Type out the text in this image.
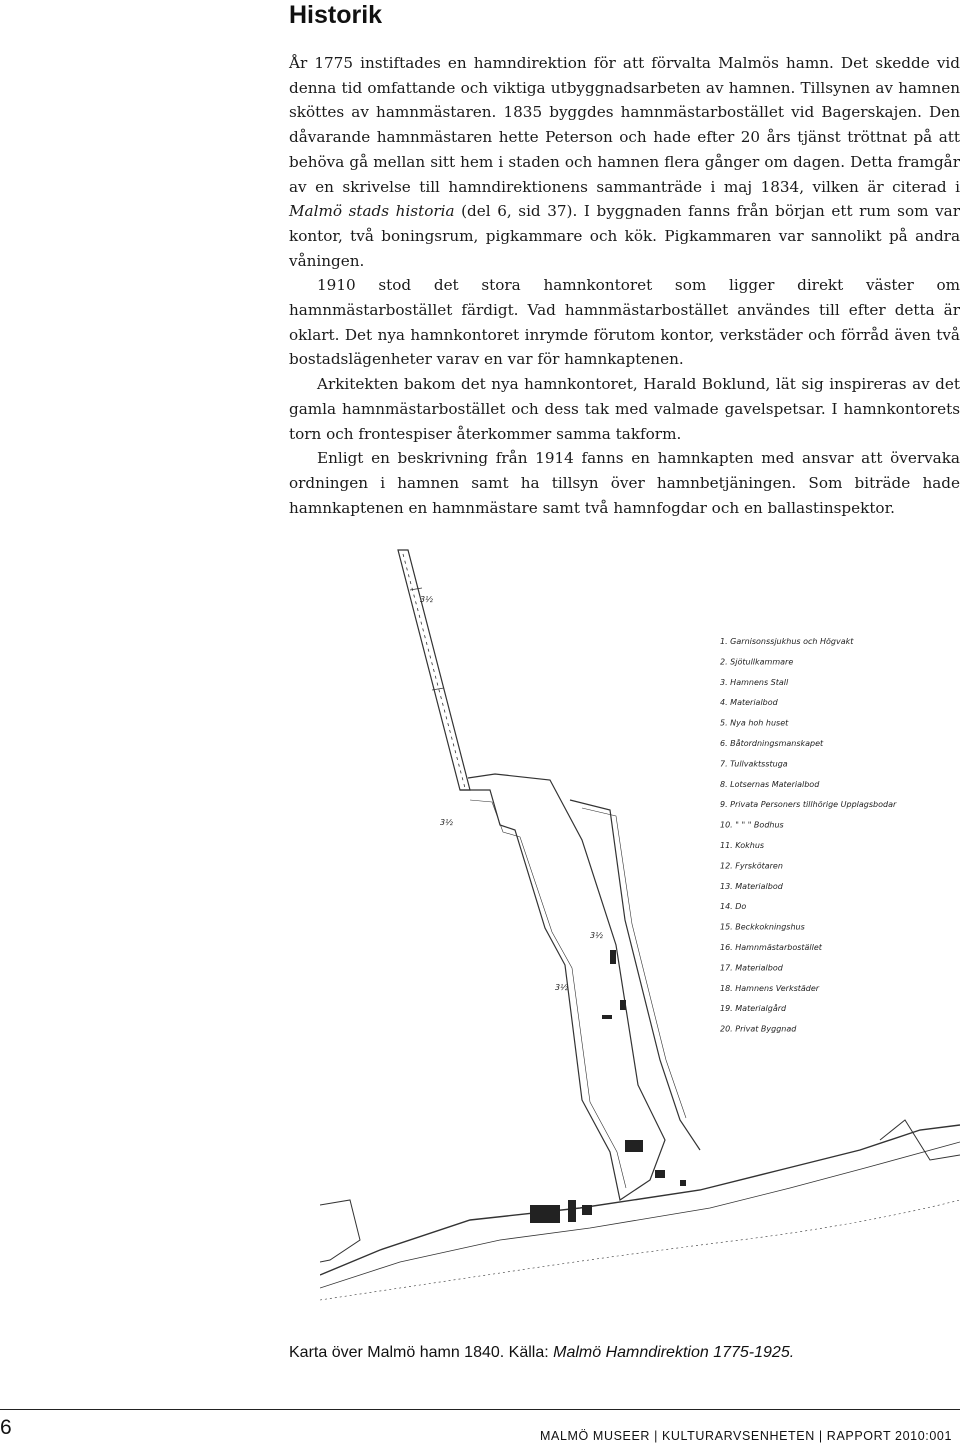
Historik

År 1775 instiftades en hamndirektion för att förvalta Malmös hamn. Det skedde vid denna tid omfattande och viktiga utbyggnadsarbeten av hamnen. Tillsynen av hamnen sköttes av hamnmästaren. 1835 byggdes hamnmästarbostället vid Bagerskajen. Den dåvarande hamnmästaren hette Peterson och hade efter 20 års tjänst tröttnat på att behöva gå mellan sitt hem i staden och hamnen flera gånger om dagen. Detta framgår av en skrivelse till hamndirektionens sammanträde i maj 1834, vilken är citerad i Malmö stads historia (del 6, sid 37). I byggnaden fanns från början ett rum som var kontor, två boningsrum, pigkammare och kök. Pigkammaren var sannolikt på andra våningen.

1910 stod det stora hamnkontoret som ligger direkt väster om hamnmästarbostället färdigt. Vad hamnmästarbostället användes till efter detta är oklart. Det nya hamnkontoret inrymde förutom kontor, verkstäder och förråd även två bostadslägenheter varav en var för hamnkaptenen.

Arkitekten bakom det nya hamnkontoret, Harald Boklund, lät sig inspireras av det gamla hamnmästarbostället och dess tak med valmade gavelspetsar. I hamnkontorets torn och frontespiser återkommer samma takform.

Enligt en beskrivning från 1914 fanns en hamnkapten med ansvar att övervaka ordningen i hamnen samt ha tillsyn över hamnbetjäningen. Som biträde hade hamnkaptenen en hamnmästare samt två hamnfogdar och en ballastinspektor.

3½
3½
3½
3½
1. Garnisonssjukhus och Högvakt
2. Sjötullkammare
3. Hamnens Stall
4. Materialbod
5. Nya hoh huset
6. Båtordningsmanskapet
7. Tullvaktsstuga
8. Lotsernas Materialbod
9. Privata Personers tillhörige Upplagsbodar
10. " " " Bodhus
11. Kokhus
12. Fyrskötaren
13. Materialbod
14. Do
15. Beckkokningshus
16. Hamnmästarbostället
17. Materialbod
18. Hamnens Verkstäder
19. Materialgård
20. Privat Byggnad
Karta över Malmö hamn 1840. Källa: Malmö Hamndirektion 1775-1925.
6	MALMÖ MUSEER | KULTURARVSENHETEN | RAPPORT 2010:001
